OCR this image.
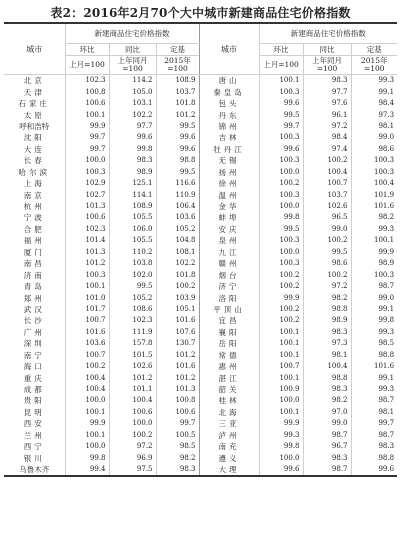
表2：2016年2月70个大中城市新建商品住宅价格指数
城市	新建商品住宅价格指数			城市	新建商品住宅价格指数		
	环比	同比	定基		环比	同比	定基
	上月=100	上年同月=100	2015年=100		上月=100	上年同月=100	2015年=100
北京	102.3	114.2	108.9	唐山	100.1	98.3	99.3
天津	100.8	105.0	103.7	秦皇岛	100.3	97.7	99.1
石家庄	100.6	103.1	101.8	包头	99.6	97.6	98.4
太原	100.1	102.2	101.2	丹东	99.5	96.1	97.3
呼和浩特	99.9	97.7	99.5	锦州	99.7	97.2	98.1
沈阳	99.7	99.6	99.6	吉林	100.3	98.4	99.0
大连	99.7	99.8	99.6	牡丹江	99.6	97.4	98.6
长春	100.0	98.3	98.8	无锡	100.3	100.2	100.3
哈尔滨	100.3	98.9	99.5	扬州	100.0	100.4	100.3
上海	102.9	125.1	116.6	徐州	100.2	100.7	100.4
南京	102.7	114.1	110.9	温州	100.3	103.7	101.9
杭州	101.3	108.9	106.4	金华	100.0	102.6	101.6
宁波	100.6	105.5	103.6	蚌埠	99.8	96.5	98.2
合肥	102.3	106.0	105.2	安庆	99.5	99.0	99.3
福州	101.4	105.5	104.8	泉州	100.3	100.2	100.1
厦门	101.3	110.2	108.1	九江	100.0	99.5	99.9
南昌	101.2	103.8	102.2	赣州	100.3	98.6	98.9
济南	100.3	102.0	101.8	烟台	100.2	100.2	100.3
青岛	100.1	99.5	100.2	济宁	100.2	97.2	98.7
郑州	101.0	105.2	103.9	洛阳	99.9	98.2	99.0
武汉	101.7	108.6	105.1	平顶山	100.2	98.8	99.1
长沙	100.7	102.3	101.6	宜昌	100.2	98.9	99.8
广州	101.6	111.9	107.6	襄阳	100.1	98.3	99.3
深圳	103.6	157.8	130.7	岳阳	100.1	97.3	98.5
南宁	100.7	101.5	101.2	常德	100.1	98.1	98.8
海口	100.2	102.6	101.6	惠州	100.7	100.4	101.6
重庆	100.4	101.2	101.2	湛江	100.1	98.8	99.1
成都	100.4	101.1	101.3	韶关	100.9	98.3	99.3
贵阳	100.0	100.4	100.8	桂林	100.0	98.2	98.7
昆明	100.1	100.6	100.6	北海	100.1	97.0	98.1
西安	99.9	100.0	99.7	三亚	99.9	99.0	99.7
兰州	100.1	100.2	100.5	泸州	99.3	98.7	98.7
西宁	100.0	97.2	98.5	南充	99.8	96.7	98.3
银川	99.8	96.9	98.2	遵义	100.0	98.3	98.8
乌鲁木齐	99.4	97.5	98.3	大理	99.6	98.7	99.6
